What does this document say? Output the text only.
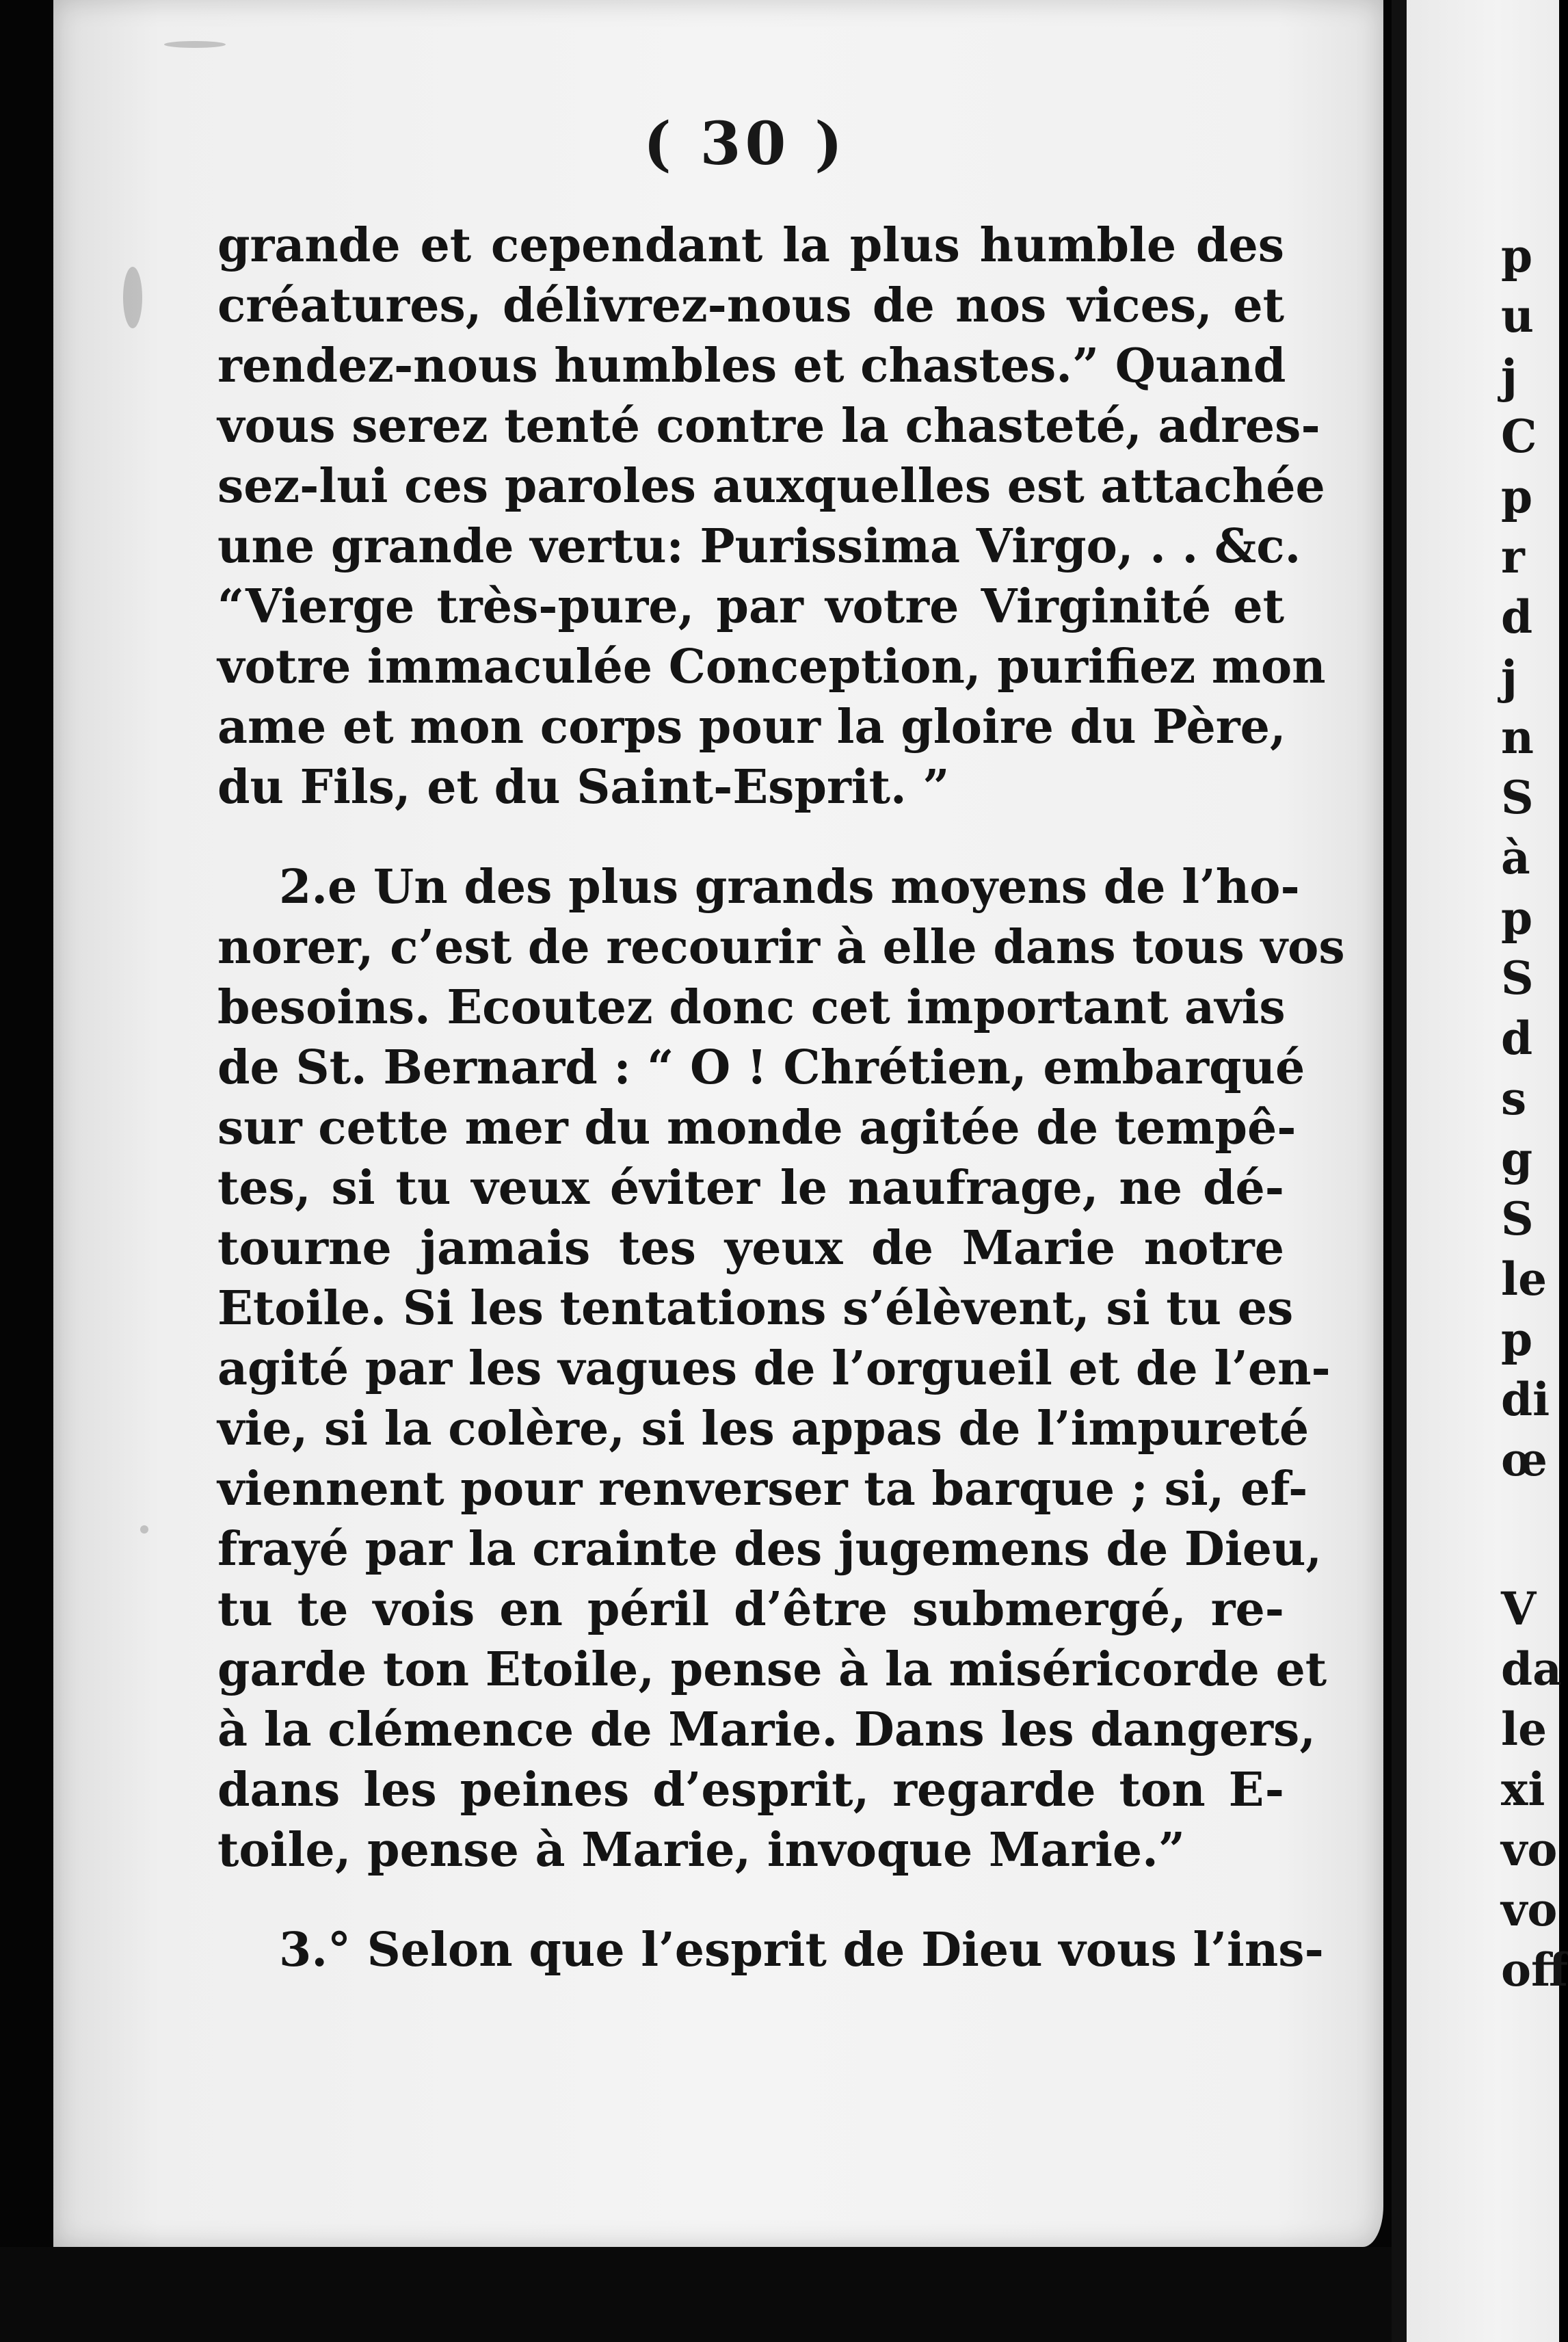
( 30 )
grande et cependant la plus humble des
créatures, délivrez-nous de nos vices, et
rendez-nous humbles et chastes.” Quand
vous serez tenté contre la chasteté, adres-
sez-lui ces paroles auxquelles est attachée
une grande vertu: Purissima Virgo, . . &c.
“Vierge très-pure, par votre Virginité et
votre immaculée Conception, purifiez mon
ame et mon corps pour la gloire du Père,
du Fils, et du Saint-Esprit. ”
2.e Un des plus grands moyens de l’ho-
norer, c’est de recourir à elle dans tous vos
besoins. Ecoutez donc cet important avis
de St. Bernard : “ O ! Chrétien, embarqué
sur cette mer du monde agitée de tempê-
tes, si tu veux éviter le naufrage, ne dé-
tourne jamais tes yeux de Marie notre
Etoile. Si les tentations s’élèvent, si tu es
agité par les vagues de l’orgueil et de l’en-
vie, si la colère, si les appas de l’impureté
viennent pour renverser ta barque ; si, ef-
frayé par la crainte des jugemens de Dieu,
tu te vois en péril d’être submergé, re-
garde ton Etoile, pense à la miséricorde et
à la clémence de Marie. Dans les dangers,
dans les peines d’esprit, regarde ton E-
toile, pense à Marie, invoque Marie.”
3.° Selon que l’esprit de Dieu vous l’ins-
p
u
j
C
p
r
d
j
n
S
à
p
S
d
s
g
S
le
p
di
œ
V
da
le
xi
vo
vo
off
